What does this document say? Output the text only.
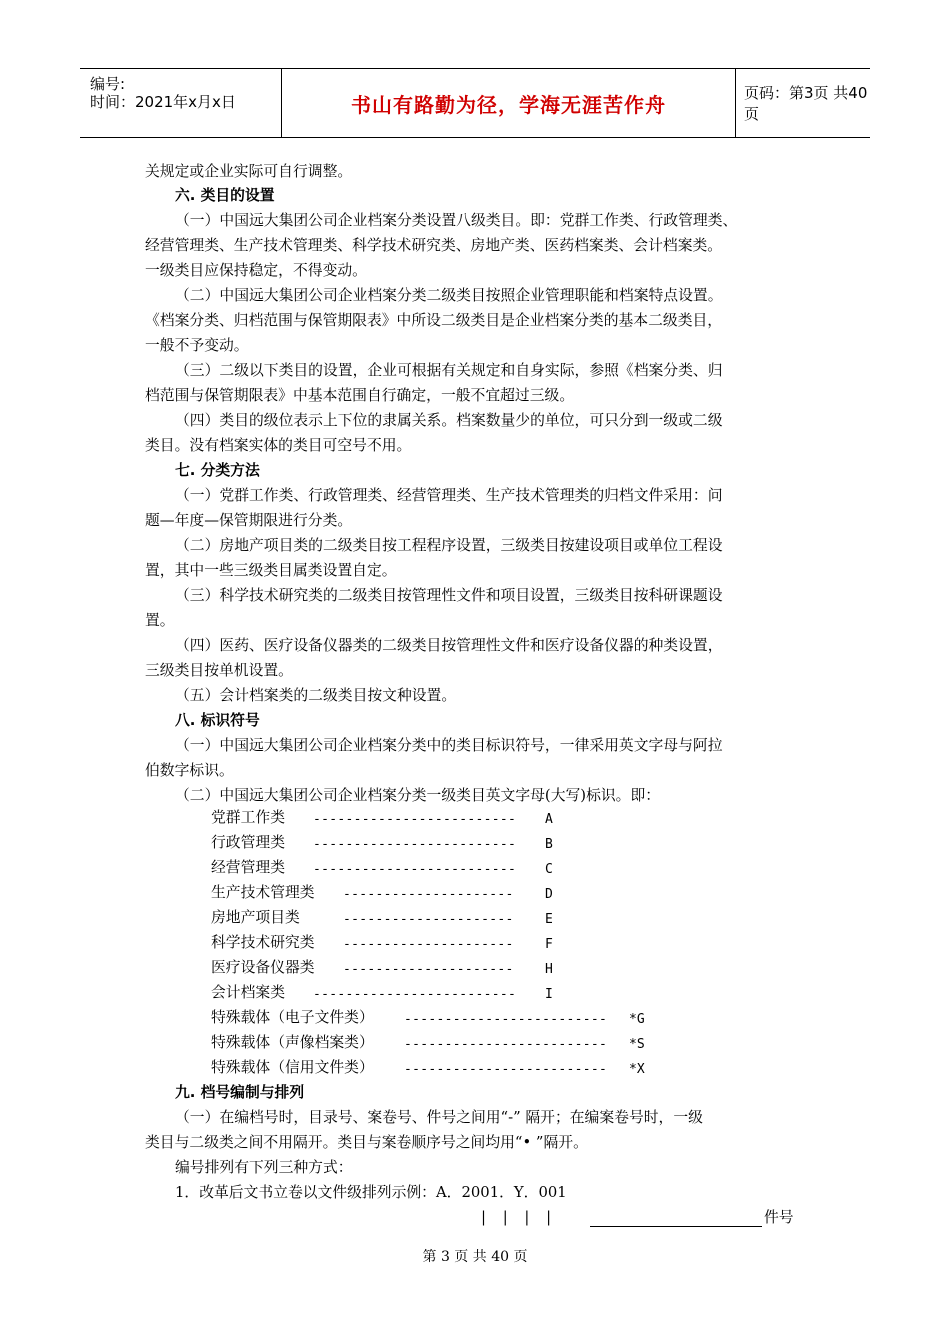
编号:
时间：2021年x月x日	书山有路勤为径，学海无涯苦作舟	页码：第3页 共40页
关规定或企业实际可自行调整。
六. 类目的设置
（一）中国远大集团公司企业档案分类设置八级类目。即：党群工作类、行政管理类、
经营管理类、生产技术管理类、科学技术研究类、房地产类、医药档案类、会计档案类。
一级类目应保持稳定，不得变动。
（二）中国远大集团公司企业档案分类二级类目按照企业管理职能和档案特点设置。
《档案分类、归档范围与保管期限表》中所设二级类目是企业档案分类的基本二级类目，
一般不予变动。
（三）二级以下类目的设置，企业可根据有关规定和自身实际，参照《档案分类、归
档范围与保管期限表》中基本范围自行确定，一般不宜超过三级。
（四）类目的级位表示上下位的隶属关系。档案数量少的单位，可只分到一级或二级
类目。没有档案实体的类目可空号不用。
七. 分类方法
（一）党群工作类、行政管理类、经营管理类、生产技术管理类的归档文件采用：问
题—年度—保管期限进行分类。
（二）房地产项目类的二级类目按工程程序设置，三级类目按建设项目或单位工程设
置，其中一些三级类目属类设置自定。
（三）科学技术研究类的二级类目按管理性文件和项目设置，三级类目按科研课题设
置。
（四）医药、医疗设备仪器类的二级类目按管理性文件和医疗设备仪器的种类设置，
三级类目按单机设置。
（五）会计档案类的二级类目按文种设置。
八. 标识符号
（一）中国远大集团公司企业档案分类中的类目标识符号，一律采用英文字母与阿拉
伯数字标识。
（二）中国远大集团公司企业档案分类一级类目英文字母(大写)标识。即：
党群工作类 ------------------------- A
行政管理类 ------------------------- B
经营管理类 ------------------------- C
生产技术管理类 --------------------- D
房地产项目类	--------------------- E
科学技术研究类 --------------------- F
医疗设备仪器类 --------------------- H
会计档案类 ------------------------- I
特殊载体（电子文件类） ------------------------- *G
特殊载体（声像档案类） ------------------------- *S
特殊载体（信用文件类） ------------------------- *X
九. 档号编制与排列
（一）在编档号时，目录号、案卷号、件号之间用“-” 隔开；在编案卷号时，一级
类目与二级类之间不用隔开。类目与案卷顺序号之间均用“• ”隔开。
编号排列有下列三种方式：
1．改革后文书立卷以文件级排列示例：A．2001．Y．001
| | | |	件号
第 3 页 共 40 页
